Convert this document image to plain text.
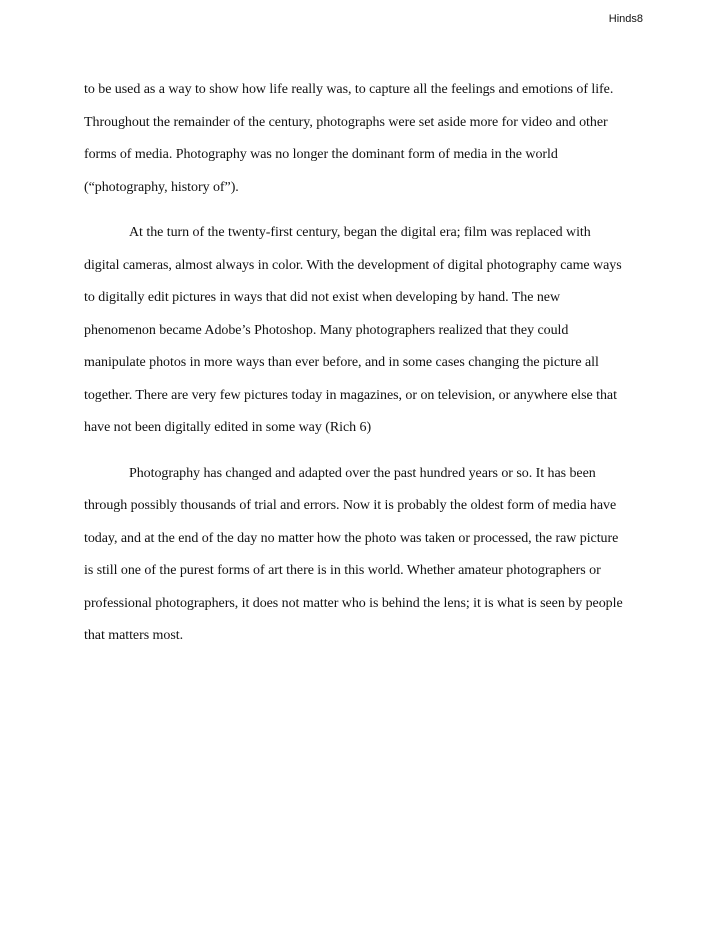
Hinds8
to be used as a way to show how life really was, to capture all the feelings and emotions of life.
Throughout the remainder of the century, photographs were set aside more for video and other
forms of media. Photography was no longer the dominant form of media in the world
(“photography, history of”).
At the turn of the twenty-first century, began the digital era; film was replaced with
digital cameras, almost always in color. With the development of digital photography came ways
to digitally edit pictures in ways that did not exist when developing by hand. The new
phenomenon became Adobe’s Photoshop. Many photographers realized that they could
manipulate photos in more ways than ever before, and in some cases changing the picture all
together. There are very few pictures today in magazines, or on television, or anywhere else that
have not been digitally edited in some way (Rich 6)
Photography has changed and adapted over the past hundred years or so. It has been
through possibly thousands of trial and errors. Now it is probably the oldest form of media have
today, and at the end of the day no matter how the photo was taken or processed, the raw picture
is still one of the purest forms of art there is in this world. Whether amateur photographers or
professional photographers, it does not matter who is behind the lens; it is what is seen by people
that matters most.
